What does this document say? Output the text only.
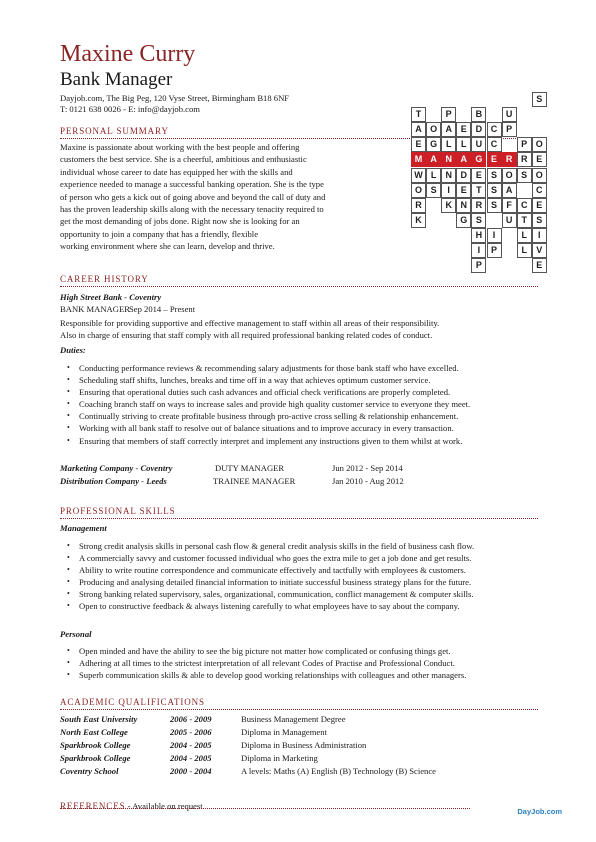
Maxine Curry
Bank Manager
Dayjob.com, The Big Peg, 120 Vyse Street, Birmingham B18 6NF
T: 0121 638 0026 - E: info@dayjob.com
PERSONAL SUMMARY
Maxine is passionate about working with the best people and offering
customers the best service. She is a cheerful, ambitious and enthusiastic
individual whose career to date has equipped her with the skills and
experience needed to manage a successful banking operation. She is the type
of person who gets a kick out of going above and beyond the call of duty and
has the proven leadership skills along with the necessary tenacity required to
get the most demanding of jobs done. Right now she is looking for an
opportunity to join a company that has a friendly, flexible
working environment where she can learn, develop and thrive.
S
T	P	B	U
A O A E D C P
E G L	L	U C	P O
M A N A G E R R E
W L	N D E	S O S O
O S	I	E	T	S A	C
R	K N R S	F	C E
K	G S	U	T	S
H	I	L	I
I	P	L	V
P	E
CAREER HISTORY
High Street Bank - Coventry
BANK MANAGER Sep 2014 – Present
Responsible for providing supportive and effective management to staff within all areas of their responsibility.
Also in charge of ensuring that staff comply with all required professional banking related codes of conduct.
Duties:
• Conducting performance reviews & recommending salary adjustments for those bank staff who have excelled.
• Scheduling staff shifts, lunches, breaks and time off in a way that achieves optimum customer service.
• Ensuring that operational duties such cash advances and official check verifications are properly completed.
• Coaching branch staff on ways to increase sales and provide high quality customer service to everyone they meet.
• Continually striving to create profitable business through pro-active cross selling & relationship enhancement.
• Working with all bank staff to resolve out of balance situations and to improve accuracy in every transaction.
• Ensuring that members of staff correctly interpret and implement any instructions given to them whilst at work.
Marketing Company - Coventry	DUTY MANAGER	Jun 2012 - Sep 2014
Distribution Company - Leeds	TRAINEE MANAGER	Jan 2010 - Aug 2012
PROFESSIONAL SKILLS
Management
• Strong credit analysis skills in personal cash flow & general credit analysis skills in the field of business cash flow.
• A commercially savvy and customer focussed individual who goes the extra mile to get a job done and get results.
• Ability to write routine correspondence and communicate effectively and tactfully with employees & customers.
• Producing and analysing detailed financial information to initiate successful business strategy plans for the future.
• Strong banking related supervisory, sales, organizational, communication, conflict management & computer skills.
• Open to constructive feedback & always listening carefully to what employees have to say about the company.
Personal
• Open minded and have the ability to see the big picture not matter how complicated or confusing things get.
• Adhering at all times to the strictest interpretation of all relevant Codes of Practise and Professional Conduct.
• Superb communication skills & able to develop good working relationships with colleagues and other managers.
ACADEMIC QUALIFICATIONS
South East University	2006 - 2009	Business Management Degree
North East College	2005 - 2006	Diploma in Management
Sparkbrook College	2004 - 2005	Diploma in Business Administration
Sparkbrook College	2004 - 2005	Diploma in Marketing
Coventry School	2000 - 2004	A levels: Maths (A) English (B) Technology (B) Science
REFERENCES - Available on request
DayJob.com
